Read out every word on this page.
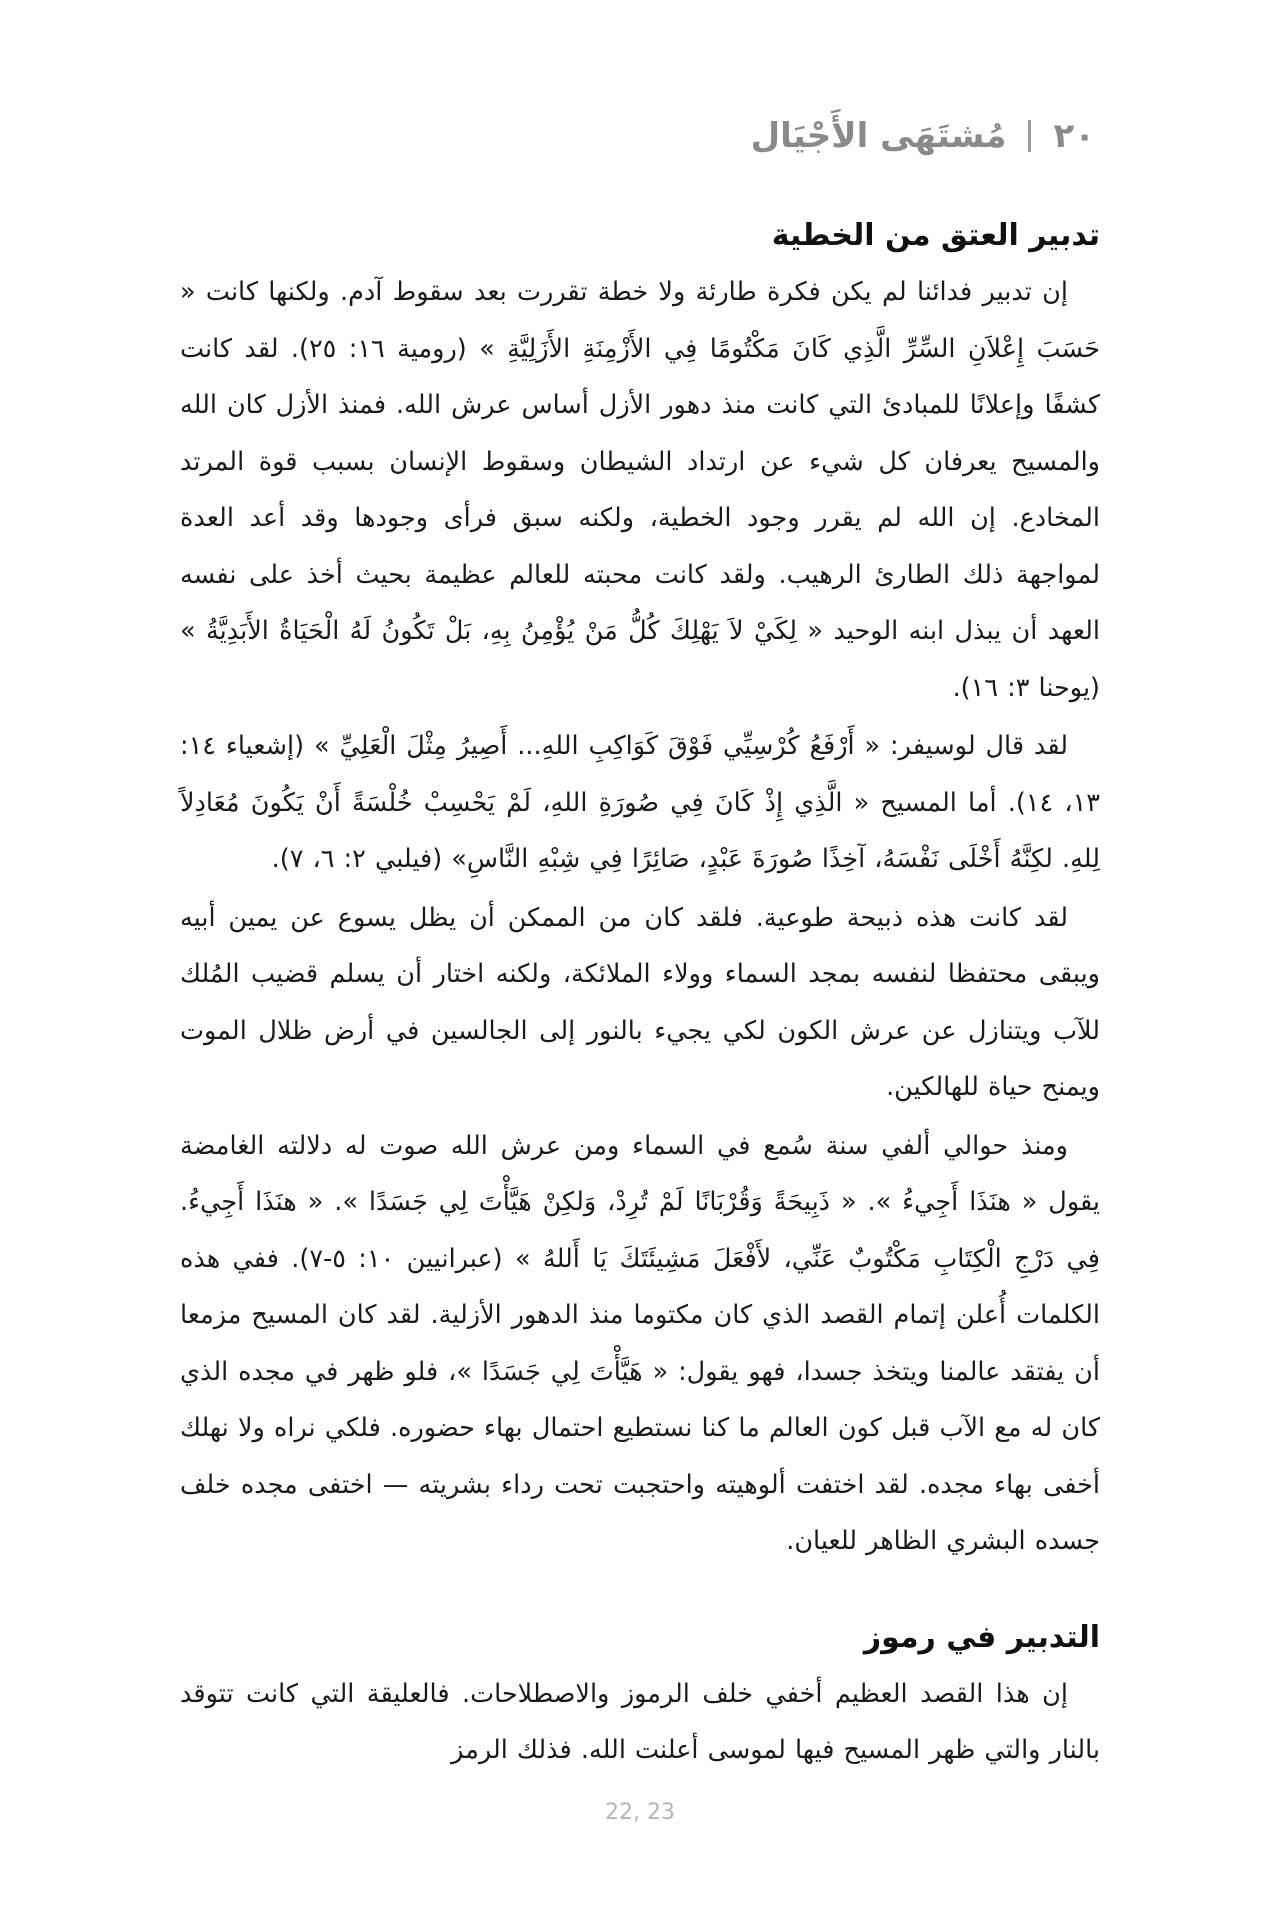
٢٠
مُشتَهَى الأَجْيَال
تدبير العتق من الخطية

إن تدبير فدائنا لم يكن فكرة طارئة ولا خطة تقررت بعد سقوط آدم. ولكنها كانت « حَسَبَ إِعْلاَنِ السِّرِّ الَّذِي كَانَ مَكْتُومًا فِي الأَزْمِنَةِ الأَزَلِيَّةِ » (رومية ١٦: ٢٥). لقد كانت كشفًا وإعلانًا للمبادئ التي كانت منذ دهور الأزل أساس عرش الله. فمنذ الأزل كان الله والمسيح يعرفان كل شيء عن ارتداد الشيطان وسقوط الإنسان بسبب قوة المرتد المخادع. إن الله لم يقرر وجود الخطية، ولكنه سبق فرأى وجودها وقد أعد العدة لمواجهة ذلك الطارئ الرهيب. ولقد كانت محبته للعالم عظيمة بحيث أخذ على نفسه العهد أن يبذل ابنه الوحيد « لِكَيْ لاَ يَهْلِكَ كُلُّ مَنْ يُؤْمِنُ بِهِ، بَلْ تَكُونُ لَهُ الْحَيَاةُ الأَبَدِيَّةُ » (يوحنا ٣: ١٦).

لقد قال لوسيفر: « أَرْفَعُ كُرْسِيِّي فَوْقَ كَوَاكِبِ اللهِ... أَصِيرُ مِثْلَ الْعَلِيِّ » (إشعياء ١٤: ١٣، ١٤). أما المسيح « الَّذِي إِذْ كَانَ فِي صُورَةِ اللهِ، لَمْ يَحْسِبْ خُلْسَةً أَنْ يَكُونَ مُعَادِلاً لِلهِ. لكِنَّهُ أَخْلَى نَفْسَهُ، آخِذًا صُورَةَ عَبْدٍ، صَائِرًا فِي شِبْهِ النَّاسِ» (فيلبي ٢: ٦، ٧).

لقد كانت هذه ذبيحة طوعية. فلقد كان من الممكن أن يظل يسوع عن يمين أبيه ويبقى محتفظا لنفسه بمجد السماء وولاء الملائكة، ولكنه اختار أن يسلم قضيب المُلك للآب ويتنازل عن عرش الكون لكي يجيء بالنور إلى الجالسين في أرض ظلال الموت ويمنح حياة للهالكين.

ومنذ حوالي ألفي سنة سُمع في السماء ومن عرش الله صوت له دلالته الغامضة يقول « هنَذَا أَجِيءُ ». « ذَبِيحَةً وَقُرْبَانًا لَمْ تُرِدْ، وَلكِنْ هَيَّأْتَ لِي جَسَدًا ». « هنَذَا أَجِيءُ. فِي دَرْجِ الْكِتَابِ مَكْتُوبٌ عَنِّي، لأَفْعَلَ مَشِيئَتَكَ يَا أَللهُ » (عبرانيين ١٠: ٥-٧). ففي هذه الكلمات أُعلن إتمام القصد الذي كان مكتوما منذ الدهور الأزلية. لقد كان المسيح مزمعا أن يفتقد عالمنا ويتخذ جسدا، فهو يقول: « هَيَّأْتَ لِي جَسَدًا »، فلو ظهر في مجده الذي كان له مع الآب قبل كون العالم ما كنا نستطيع احتمال بهاء حضوره. فلكي نراه ولا نهلك أخفى بهاء مجده. لقد اختفت ألوهيته واحتجبت تحت رداء بشريته — اختفى مجده خلف جسده البشري الظاهر للعيان.

التدبير في رموز

إن هذا القصد العظيم أخفي خلف الرموز والاصطلاحات. فالعليقة التي كانت تتوقد بالنار والتي ظهر المسيح فيها لموسى أعلنت الله. فذلك الرمز

22, 23
